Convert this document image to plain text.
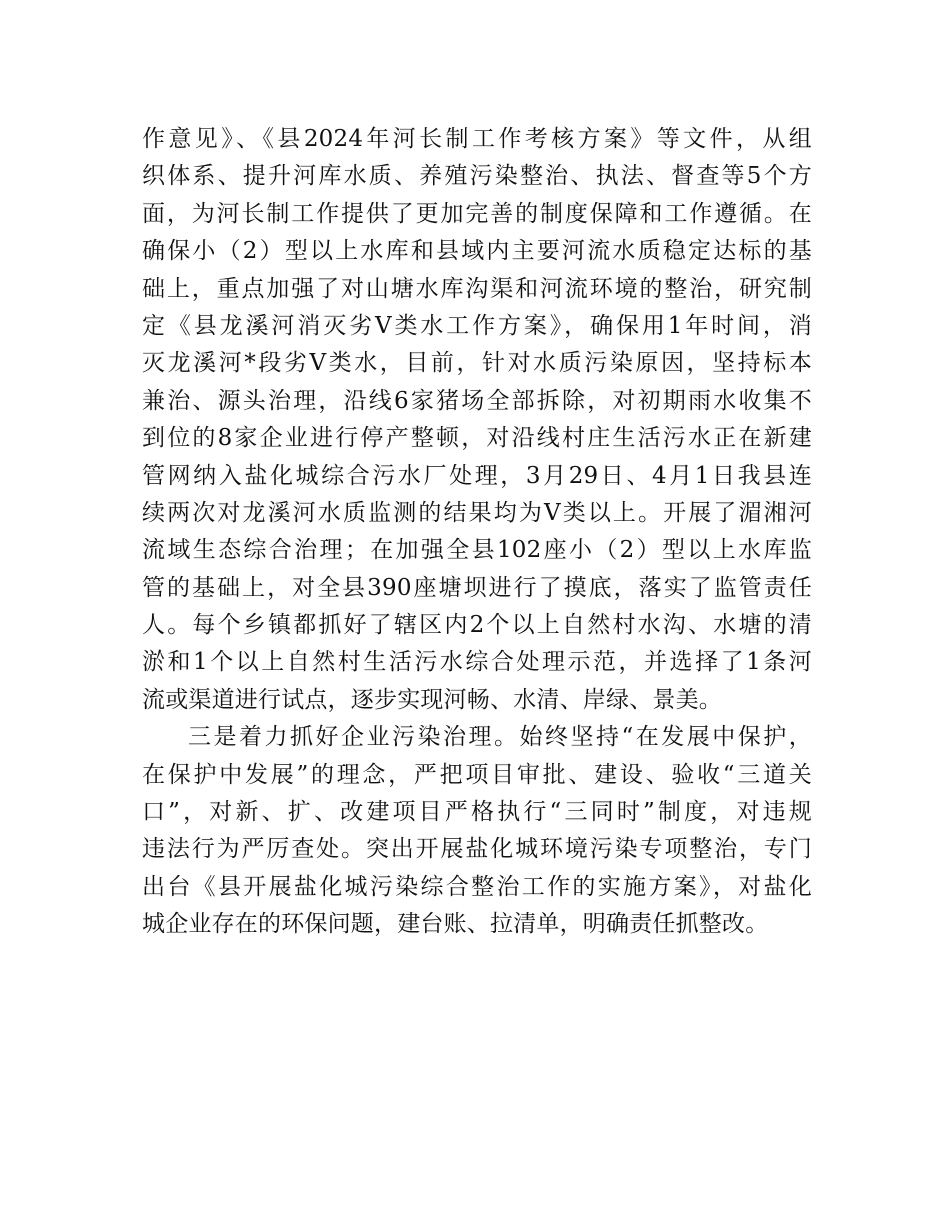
作意见》、《县2024年河长制工作考核方案》等文件，从组
织体系、提升河库水质、养殖污染整治、执法、督查等5个方
面，为河长制工作提供了更加完善的制度保障和工作遵循。在
确保小（2）型以上水库和县域内主要河流水质稳定达标的基
础上，重点加强了对山塘水库沟渠和河流环境的整治，研究制
定《县龙溪河消灭劣Ⅴ类水工作方案》，确保用1年时间，消
灭龙溪河*段劣Ⅴ类水，目前，针对水质污染原因，坚持标本
兼治、源头治理，沿线6家猪场全部拆除，对初期雨水收集不
到位的8家企业进行停产整顿，对沿线村庄生活污水正在新建
管网纳入盐化城综合污水厂处理，3月29日、4月1日我县连
续两次对龙溪河水质监测的结果均为Ⅴ类以上。开展了湄湘河
流域生态综合治理；在加强全县102座小（2）型以上水库监
管的基础上，对全县390座塘坝进行了摸底，落实了监管责任
人。每个乡镇都抓好了辖区内2个以上自然村水沟、水塘的清
淤和1个以上自然村生活污水综合处理示范，并选择了1条河
流或渠道进行试点，逐步实现河畅、水清、岸绿、景美。
三是着力抓好企业污染治理。始终坚持“在发展中保护，
在保护中发展”的理念，严把项目审批、建设、验收“三道关
口”，对新、扩、改建项目严格执行“三同时”制度，对违规
违法行为严厉查处。突出开展盐化城环境污染专项整治，专门
出台《县开展盐化城污染综合整治工作的实施方案》，对盐化
城企业存在的环保问题，建台账、拉清单，明确责任抓整改。
